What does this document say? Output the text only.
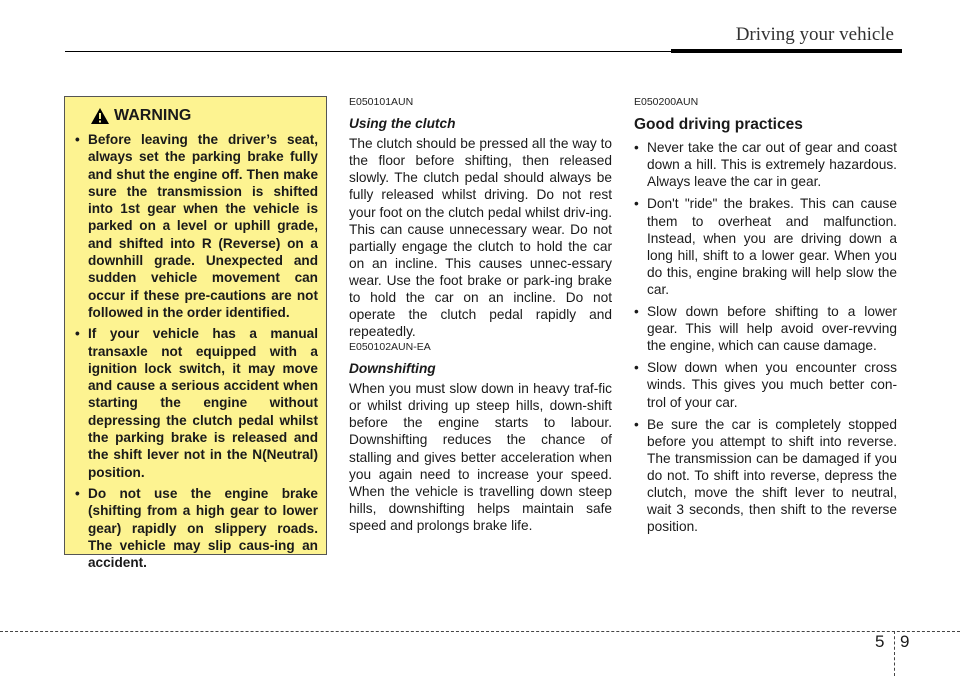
Driving your vehicle
WARNING
• Before leaving the driver’s seat, always set the parking brake fully and shut the engine off. Then make sure the transmission is shifted into 1st gear when the vehicle is parked on a level or uphill grade, and shifted into R (Reverse) on a downhill grade. Unexpected and sudden vehicle movement can occur if these pre-cautions are not followed in the order identified.
• If your vehicle has a manual transaxle not equipped with a ignition lock switch, it may move and cause a serious accident when starting the engine without depressing the clutch pedal whilst the parking brake is released and the shift lever not in the N(Neutral) position.
• Do not use the engine brake (shifting from a high gear to lower gear) rapidly on slippery roads. The vehicle may slip caus-ing an accident.
E050101AUN
Using the clutch

The clutch should be pressed all the way to the floor before shifting, then released slowly. The clutch pedal should always be fully released whilst driving. Do not rest your foot on the clutch pedal whilst driv-ing. This can cause unnecessary wear. Do not partially engage the clutch to hold the car on an incline. This causes unnec-essary wear. Use the foot brake or park-ing brake to hold the car on an incline. Do not operate the clutch pedal rapidly and repeatedly.

E050102AUN-EA
Downshifting

When you must slow down in heavy traf-fic or whilst driving up steep hills, down-shift before the engine starts to labour. Downshifting reduces the chance of stalling and gives better acceleration when you again need to increase your speed. When the vehicle is travelling down steep hills, downshifting helps maintain safe speed and prolongs brake life.

E050200AUN
Good driving practices
• Never take the car out of gear and coast down a hill. This is extremely hazardous. Always leave the car in gear.
• Don't "ride" the brakes. This can cause them to overheat and malfunction. Instead, when you are driving down a long hill, shift to a lower gear. When you do this, engine braking will help slow the car.
• Slow down before shifting to a lower gear. This will help avoid over-revving the engine, which can cause damage.
• Slow down when you encounter cross winds. This gives you much better con-trol of your car.
• Be sure the car is completely stopped before you attempt to shift into reverse. The transmission can be damaged if you do not. To shift into reverse, depress the clutch, move the shift lever to neutral, wait 3 seconds, then shift to the reverse position.
5 9
